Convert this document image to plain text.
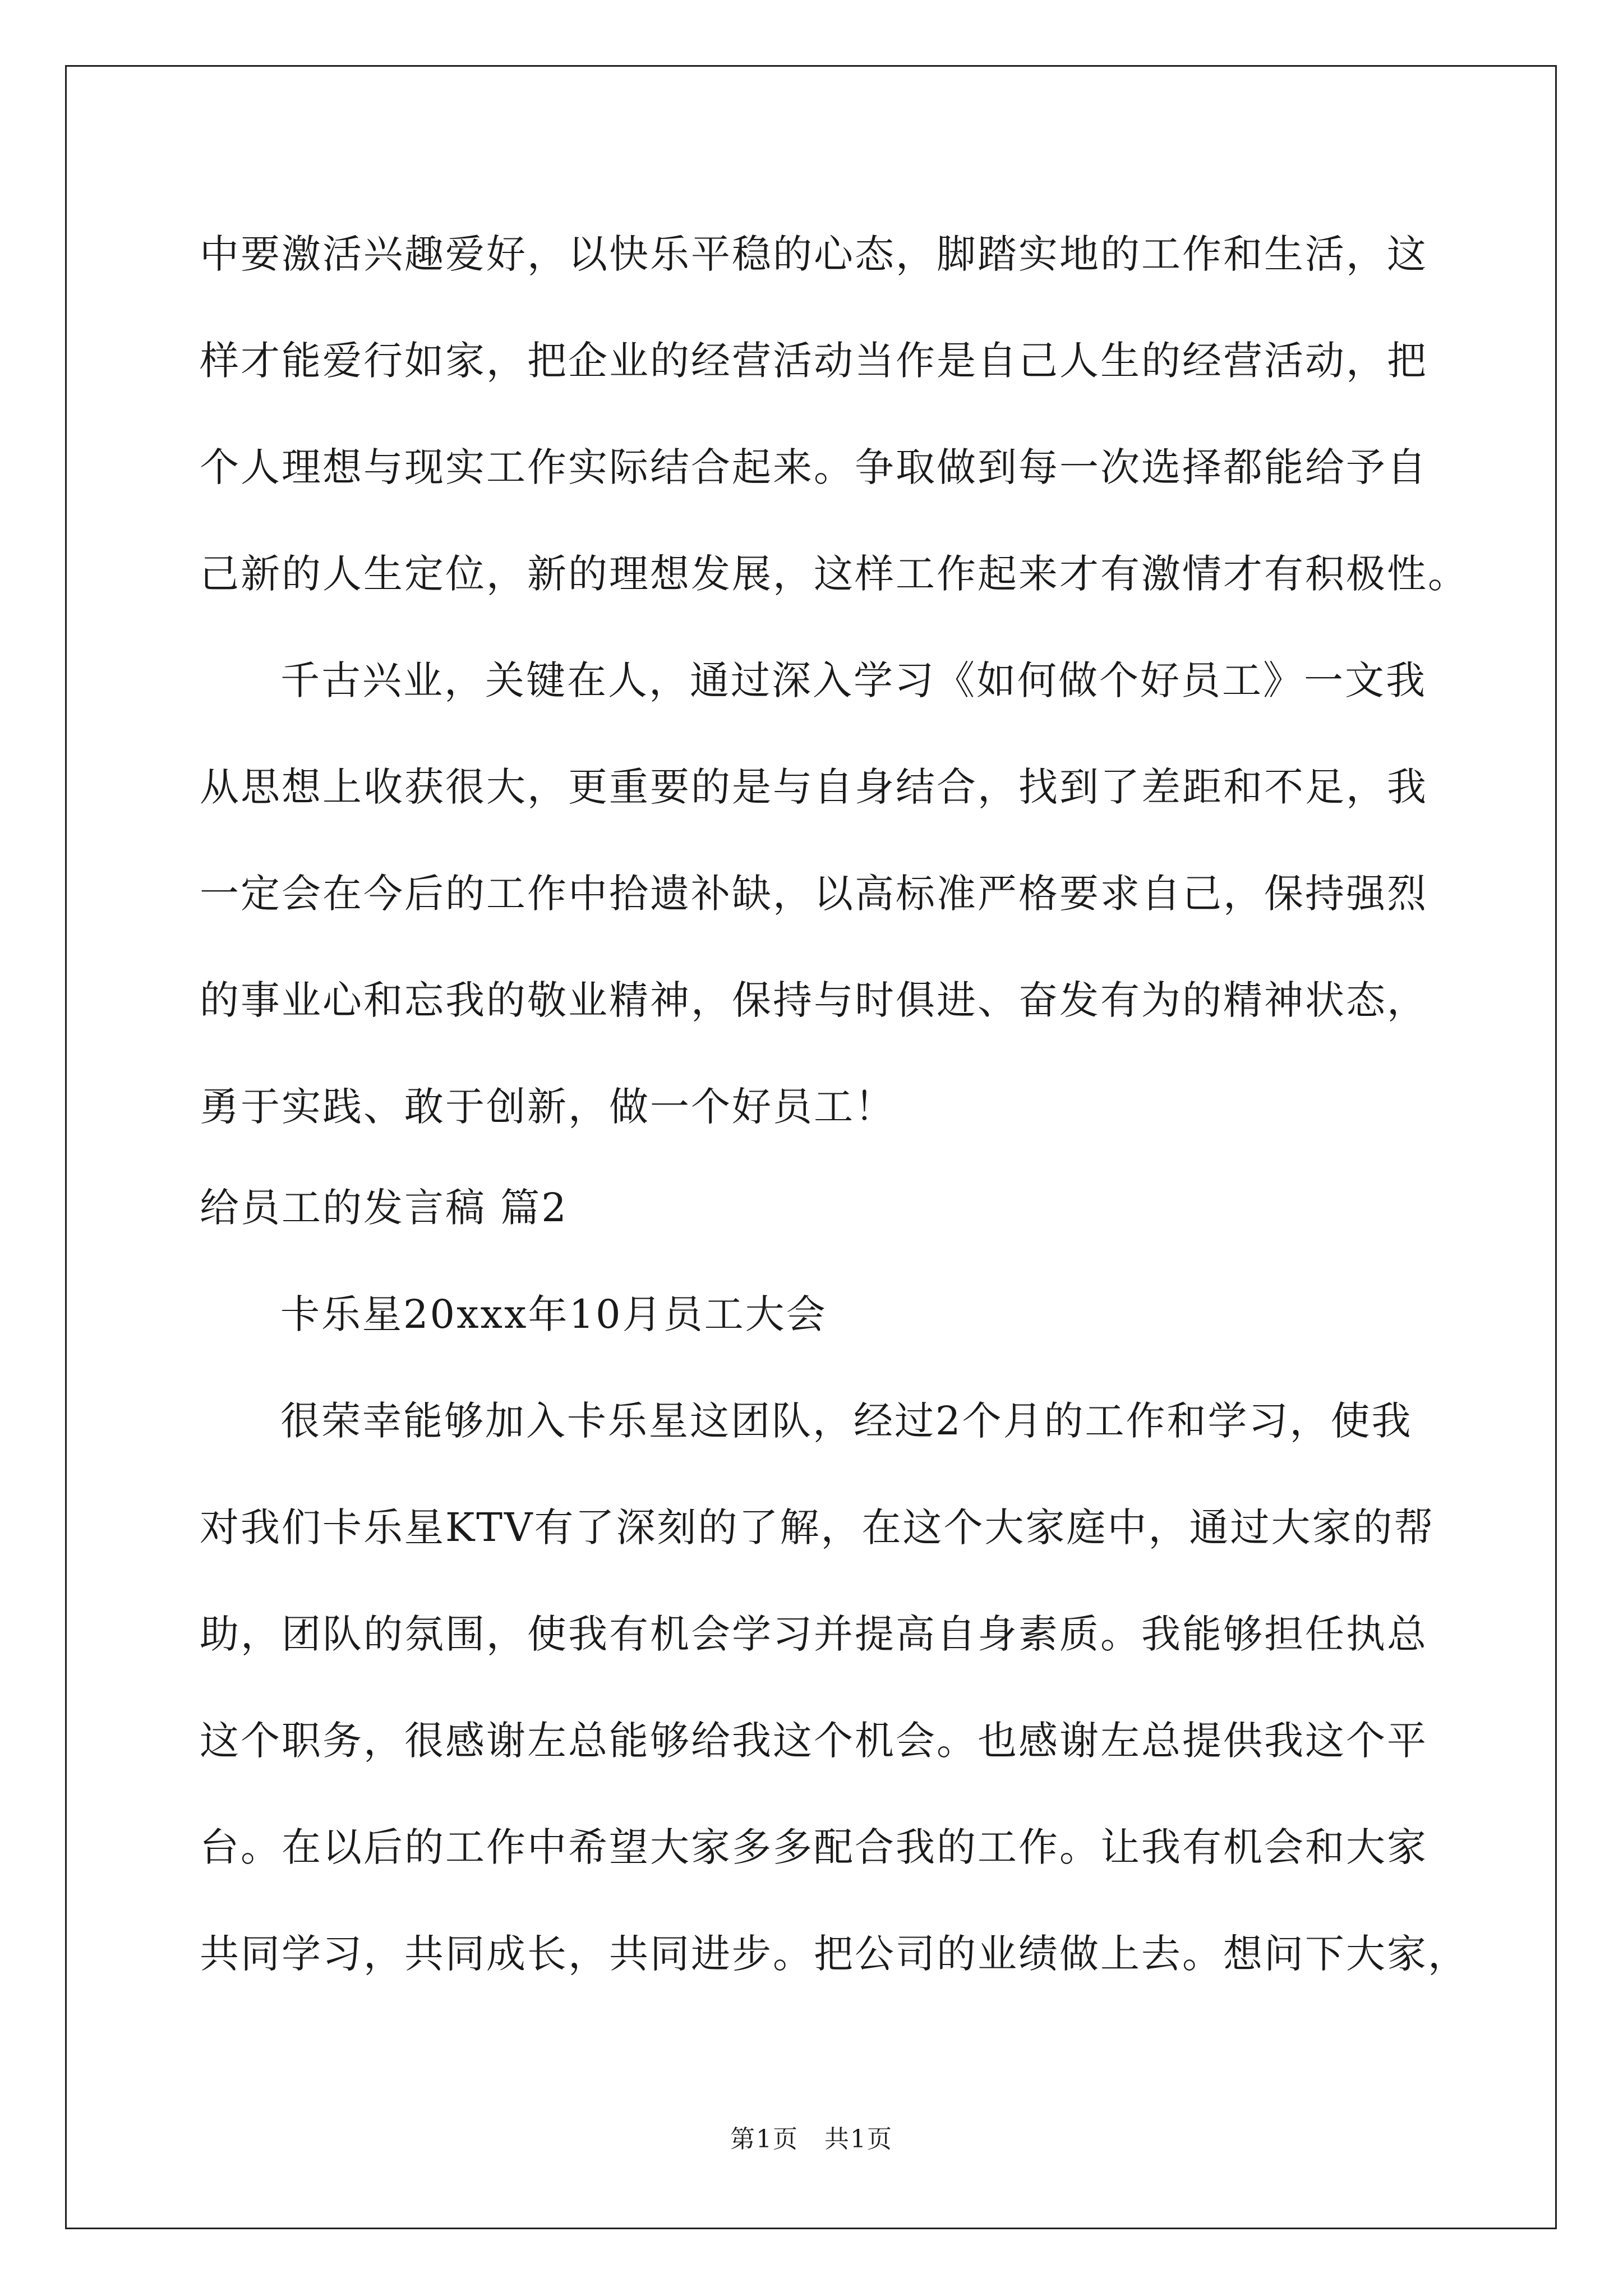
中要激活兴趣爱好，以快乐平稳的心态，脚踏实地的工作和生活，这
样才能爱行如家，把企业的经营活动当作是自己人生的经营活动，把
个人理想与现实工作实际结合起来。争取做到每一次选择都能给予自
己新的人生定位，新的理想发展，这样工作起来才有激情才有积极性。
千古兴业，关键在人，通过深入学习《如何做个好员工》一文我
从思想上收获很大，更重要的是与自身结合，找到了差距和不足，我
一定会在今后的工作中拾遗补缺，以高标准严格要求自己，保持强烈
的事业心和忘我的敬业精神，保持与时俱进、奋发有为的精神状态，
勇于实践、敢于创新，做一个好员工！
给员工的发言稿 篇2
卡乐星20xxx年10月员工大会
很荣幸能够加入卡乐星这团队，经过2个月的工作和学习，使我
对我们卡乐星KTV有了深刻的了解，在这个大家庭中，通过大家的帮
助，团队的氛围，使我有机会学习并提高自身素质。我能够担任执总
这个职务，很感谢左总能够给我这个机会。也感谢左总提供我这个平
台。在以后的工作中希望大家多多配合我的工作。让我有机会和大家
共同学习，共同成长，共同进步。把公司的业绩做上去。想问下大家，
第1页　共1页
